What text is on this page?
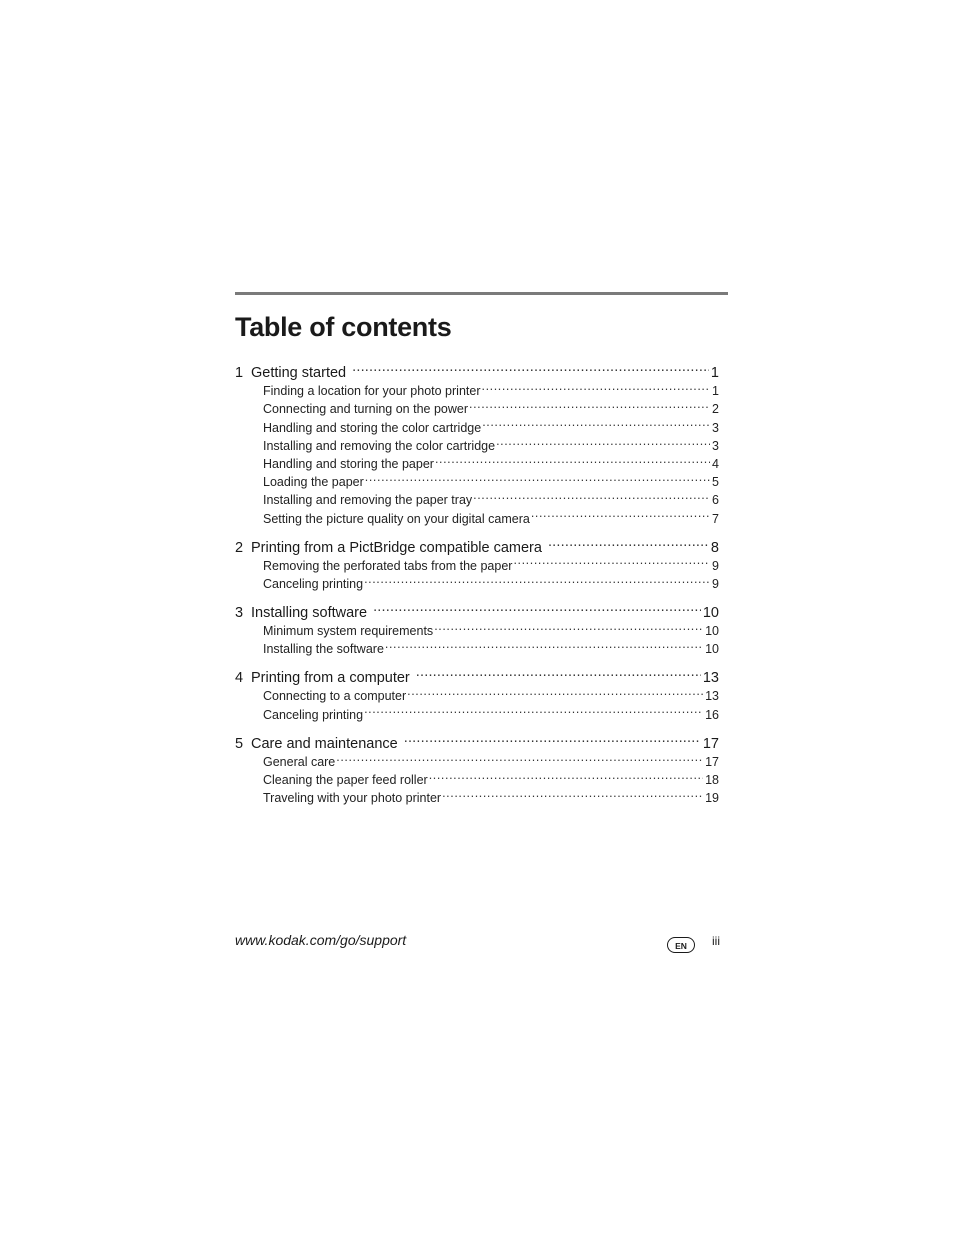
Table of contents
1 Getting started .....	1
Finding a location for your photo printer .....	1
Connecting and turning on the power .....	2
Handling and storing the color cartridge .....	3
Installing and removing the color cartridge .....	3
Handling and storing the paper .....	4
Loading the paper .....	5
Installing and removing the paper tray .....	6
Setting the picture quality on your digital camera .....	7
2 Printing from a PictBridge compatible camera .....	8
Removing the perforated tabs from the paper .....	9
Canceling printing .....	9
3 Installing software .....	10
Minimum system requirements .....	10
Installing the software .....	10
4 Printing from a computer .....	13
Connecting to a computer .....	13
Canceling printing .....	16
5 Care and maintenance .....	17
General care .....	17
Cleaning the paper feed roller .....	18
Traveling with your photo printer .....	19
www.kodak.com/go/support	EN	iii
